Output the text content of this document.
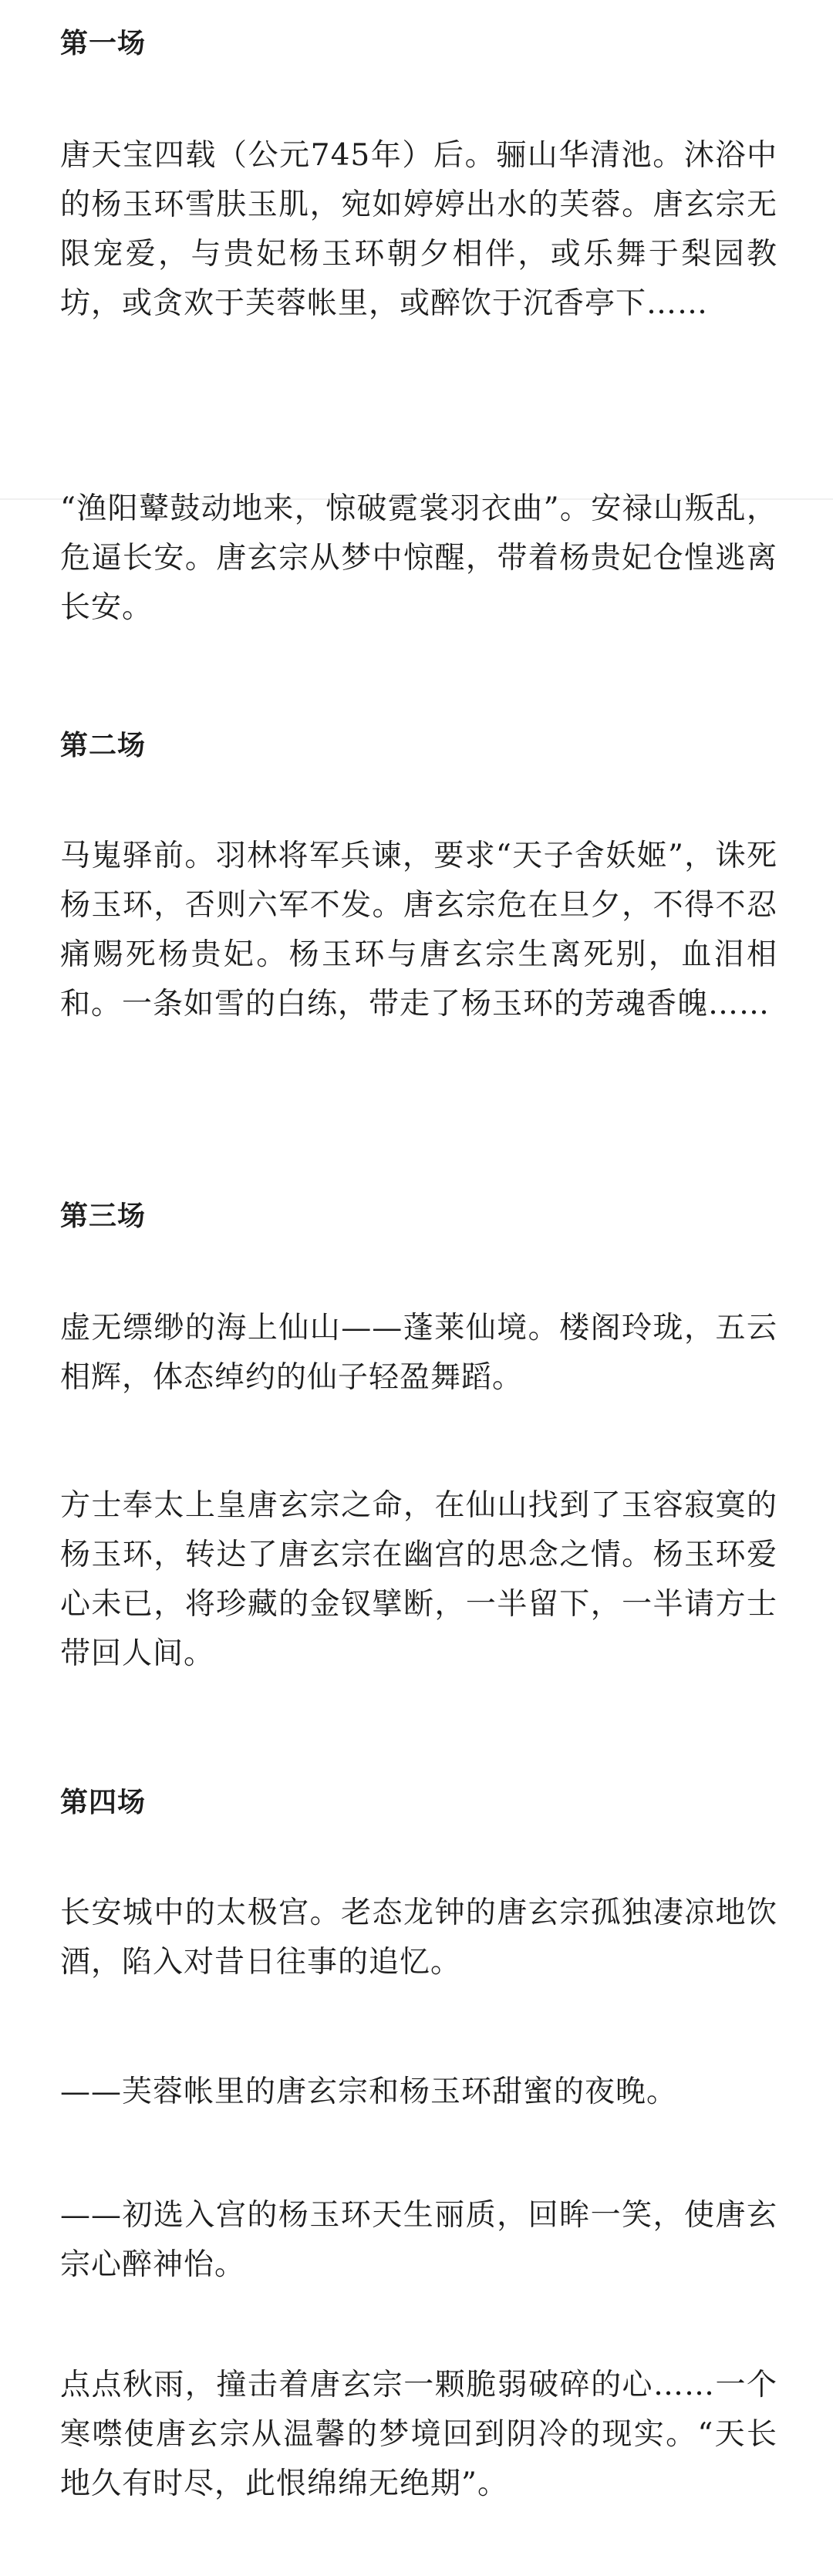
第一场

唐天宝四载（公元745年）后。骊山华清池。沐浴中的杨玉环雪肤玉肌，宛如婷婷出水的芙蓉。唐玄宗无限宠爱，与贵妃杨玉环朝夕相伴，或乐舞于梨园教坊，或贪欢于芙蓉帐里，或醉饮于沉香亭下……

“渔阳鼙鼓动地来，惊破霓裳羽衣曲”。安禄山叛乱，危逼长安。唐玄宗从梦中惊醒，带着杨贵妃仓惶逃离长安。

第二场

马嵬驿前。羽林将军兵谏，要求“天子舍妖姬”，诛死杨玉环，否则六军不发。唐玄宗危在旦夕，不得不忍痛赐死杨贵妃。杨玉环与唐玄宗生离死别，血泪相和。一条如雪的白练，带走了杨玉环的芳魂香魄……

第三场

虚无缥缈的海上仙山——蓬莱仙境。楼阁玲珑，五云相辉，体态绰约的仙子轻盈舞蹈。

方士奉太上皇唐玄宗之命，在仙山找到了玉容寂寞的杨玉环，转达了唐玄宗在幽宫的思念之情。杨玉环爱心未已，将珍藏的金钗擘断，一半留下，一半请方士带回人间。

第四场

长安城中的太极宫。老态龙钟的唐玄宗孤独凄凉地饮酒，陷入对昔日往事的追忆。

——芙蓉帐里的唐玄宗和杨玉环甜蜜的夜晚。

——初选入宫的杨玉环天生丽质，回眸一笑，使唐玄宗心醉神怡。

点点秋雨，撞击着唐玄宗一颗脆弱破碎的心……一个寒噤使唐玄宗从温馨的梦境回到阴冷的现实。“天长地久有时尽，此恨绵绵无绝期”。
